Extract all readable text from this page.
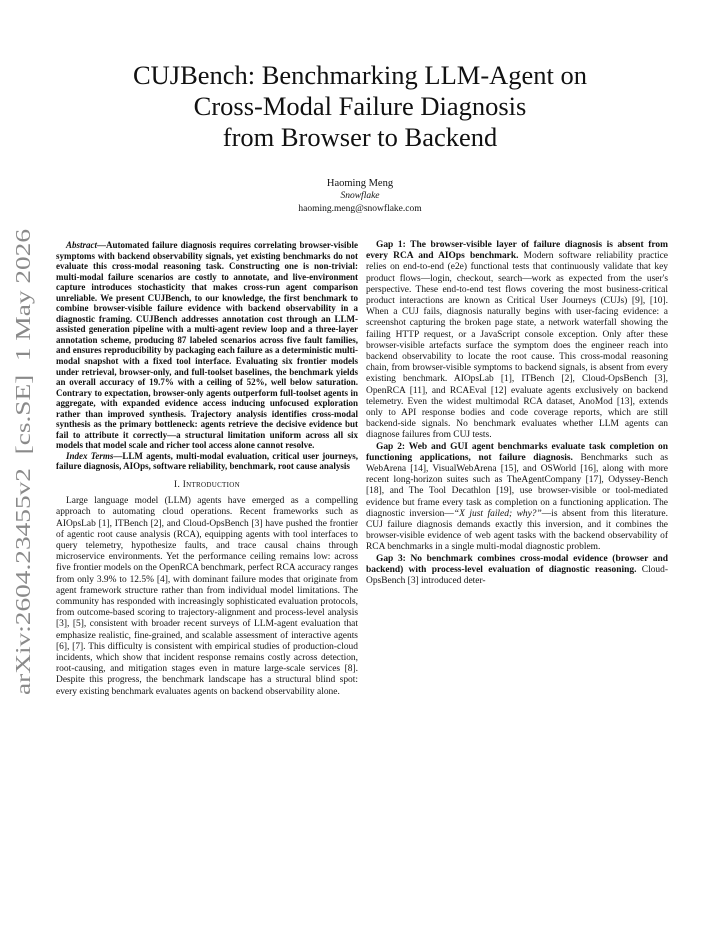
arXiv:2604.23455v2  [cs.SE]  1 May 2026
CUJBench: Benchmarking LLM-Agent on
Cross-Modal Failure Diagnosis
from Browser to Backend
Haoming Meng
Snowflake
haoming.meng@snowflake.com

Abstract—Automated failure diagnosis requires correlating browser-visible symptoms with backend observability signals, yet existing benchmarks do not evaluate this cross-modal reasoning task. Constructing one is non-trivial: multi-modal failure scenarios are costly to annotate, and live-environment capture introduces stochasticity that makes cross-run agent comparison unreliable. We present CUJBench, to our knowledge, the first benchmark to combine browser-visible failure evidence with backend observability in a diagnostic framing. CUJBench addresses annotation cost through an LLM-assisted generation pipeline with a multi-agent review loop and a three-layer annotation scheme, producing 87 labeled scenarios across five fault families, and ensures reproducibility by packaging each failure as a deterministic multi-modal snapshot with a fixed tool interface. Evaluating six frontier models under retrieval, browser-only, and full-toolset baselines, the benchmark yields an overall accuracy of 19.7% with a ceiling of 52%, well below saturation. Contrary to expectation, browser-only agents outperform full-toolset agents in aggregate, with expanded evidence access inducing unfocused exploration rather than improved synthesis. Trajectory analysis identifies cross-modal synthesis as the primary bottleneck: agents retrieve the decisive evidence but fail to attribute it correctly—a structural limitation uniform across all six models that model scale and richer tool access alone cannot resolve.

Index Terms—LLM agents, multi-modal evaluation, critical user journeys, failure diagnosis, AIOps, software reliability, benchmark, root cause analysis

I. Introduction

Large language model (LLM) agents have emerged as a compelling approach to automating cloud operations. Recent frameworks such as AIOpsLab [1], ITBench [2], and Cloud-OpsBench [3] have pushed the frontier of agentic root cause analysis (RCA), equipping agents with tool interfaces to query telemetry, hypothesize faults, and trace causal chains through microservice environments. Yet the performance ceiling remains low: across five frontier models on the OpenRCA benchmark, perfect RCA accuracy ranges from only 3.9% to 12.5% [4], with dominant failure modes that originate from agent framework structure rather than from individual model limitations. The community has responded with increasingly sophisticated evaluation protocols, from outcome-based scoring to trajectory-alignment and process-level analysis [3], [5], consistent with broader recent surveys of LLM-agent evaluation that emphasize realistic, fine-grained, and scalable assessment of interactive agents [6], [7]. This difficulty is consistent with empirical studies of production-cloud incidents, which show that incident response remains costly across detection, root-causing, and mitigation stages even in mature large-scale services [8]. Despite this progress, the benchmark landscape has a structural blind spot: every existing benchmark evaluates agents on backend observability alone.

Gap 1: The browser-visible layer of failure diagnosis is absent from every RCA and AIOps benchmark. Modern software reliability practice relies on end-to-end (e2e) functional tests that continuously validate that key product flows—login, checkout, search—work as expected from the user's perspective. These end-to-end test flows covering the most business-critical product interactions are known as Critical User Journeys (CUJs) [9], [10]. When a CUJ fails, diagnosis naturally begins with user-facing evidence: a screenshot capturing the broken page state, a network waterfall showing the failing HTTP request, or a JavaScript console exception. Only after these browser-visible artefacts surface the symptom does the engineer reach into backend observability to locate the root cause. This cross-modal reasoning chain, from browser-visible symptoms to backend signals, is absent from every existing benchmark. AIOpsLab [1], ITBench [2], Cloud-OpsBench [3], OpenRCA [11], and RCAEval [12] evaluate agents exclusively on backend telemetry. Even the widest multimodal RCA dataset, AnoMod [13], extends only to API response bodies and code coverage reports, which are still backend-side signals. No benchmark evaluates whether LLM agents can diagnose failures from CUJ tests.

Gap 2: Web and GUI agent benchmarks evaluate task completion on functioning applications, not failure diagnosis. Benchmarks such as WebArena [14], VisualWebArena [15], and OSWorld [16], along with more recent long-horizon suites such as TheAgentCompany [17], Odyssey-Bench [18], and The Tool Decathlon [19], use browser-visible or tool-mediated evidence but frame every task as completion on a functioning application. The diagnostic inversion—“X just failed; why?”—is absent from this literature. CUJ failure diagnosis demands exactly this inversion, and it combines the browser-visible evidence of web agent tasks with the backend observability of RCA benchmarks in a single multi-modal diagnostic problem.

Gap 3: No benchmark combines cross-modal evidence (browser and backend) with process-level evaluation of diagnostic reasoning. Cloud-OpsBench [3] introduced deter-
